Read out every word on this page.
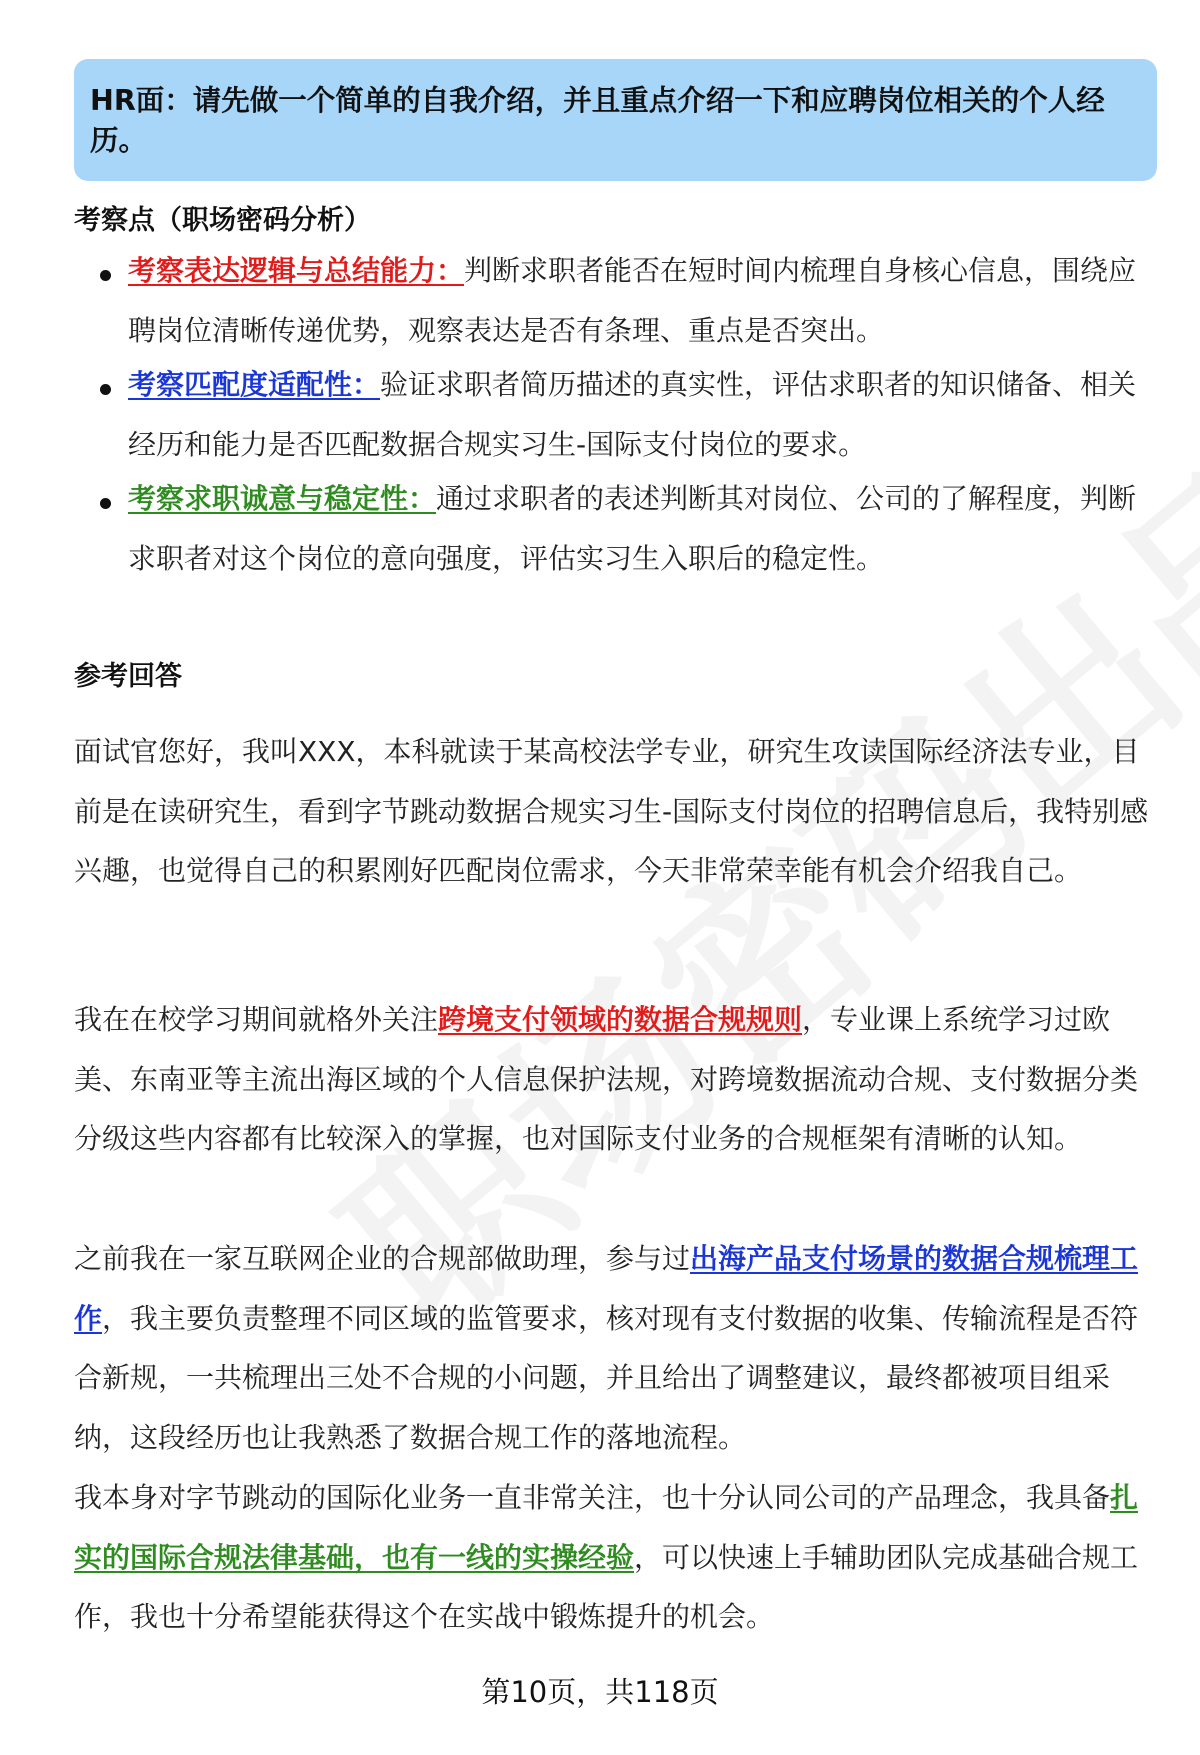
HR面：请先做一个简单的自我介绍，并且重点介绍一下和应聘岗位相关的个人经历。
考察点（职场密码分析）
考察表达逻辑与总结能力：判断求职者能否在短时间内梳理自身核心信息，围绕应聘岗位清晰传递优势，观察表达是否有条理、重点是否突出。
考察匹配度适配性：验证求职者简历描述的真实性，评估求职者的知识储备、相关经历和能力是否匹配数据合规实习生-国际支付岗位的要求。
考察求职诚意与稳定性：通过求职者的表述判断其对岗位、公司的了解程度，判断求职者对这个岗位的意向强度，评估实习生入职后的稳定性。
参考回答
面试官您好，我叫XXX，本科就读于某高校法学专业，研究生攻读国际经济法专业，目前是在读研究生，看到字节跳动数据合规实习生-国际支付岗位的招聘信息后，我特别感兴趣，也觉得自己的积累刚好匹配岗位需求，今天非常荣幸能有机会介绍我自己。
我在在校学习期间就格外关注跨境支付领域的数据合规规则，专业课上系统学习过欧美、东南亚等主流出海区域的个人信息保护法规，对跨境数据流动合规、支付数据分类分级这些内容都有比较深入的掌握，也对国际支付业务的合规框架有清晰的认知。
之前我在一家互联网企业的合规部做助理，参与过出海产品支付场景的数据合规梳理工作，我主要负责整理不同区域的监管要求，核对现有支付数据的收集、传输流程是否符合新规，一共梳理出三处不合规的小问题，并且给出了调整建议，最终都被项目组采纳，这段经历也让我熟悉了数据合规工作的落地流程。
我本身对字节跳动的国际化业务一直非常关注，也十分认同公司的产品理念，我具备扎实的国际合规法律基础，也有一线的实操经验，可以快速上手辅助团队完成基础合规工作，我也十分希望能获得这个在实战中锻炼提升的机会。
第10页，共118页
